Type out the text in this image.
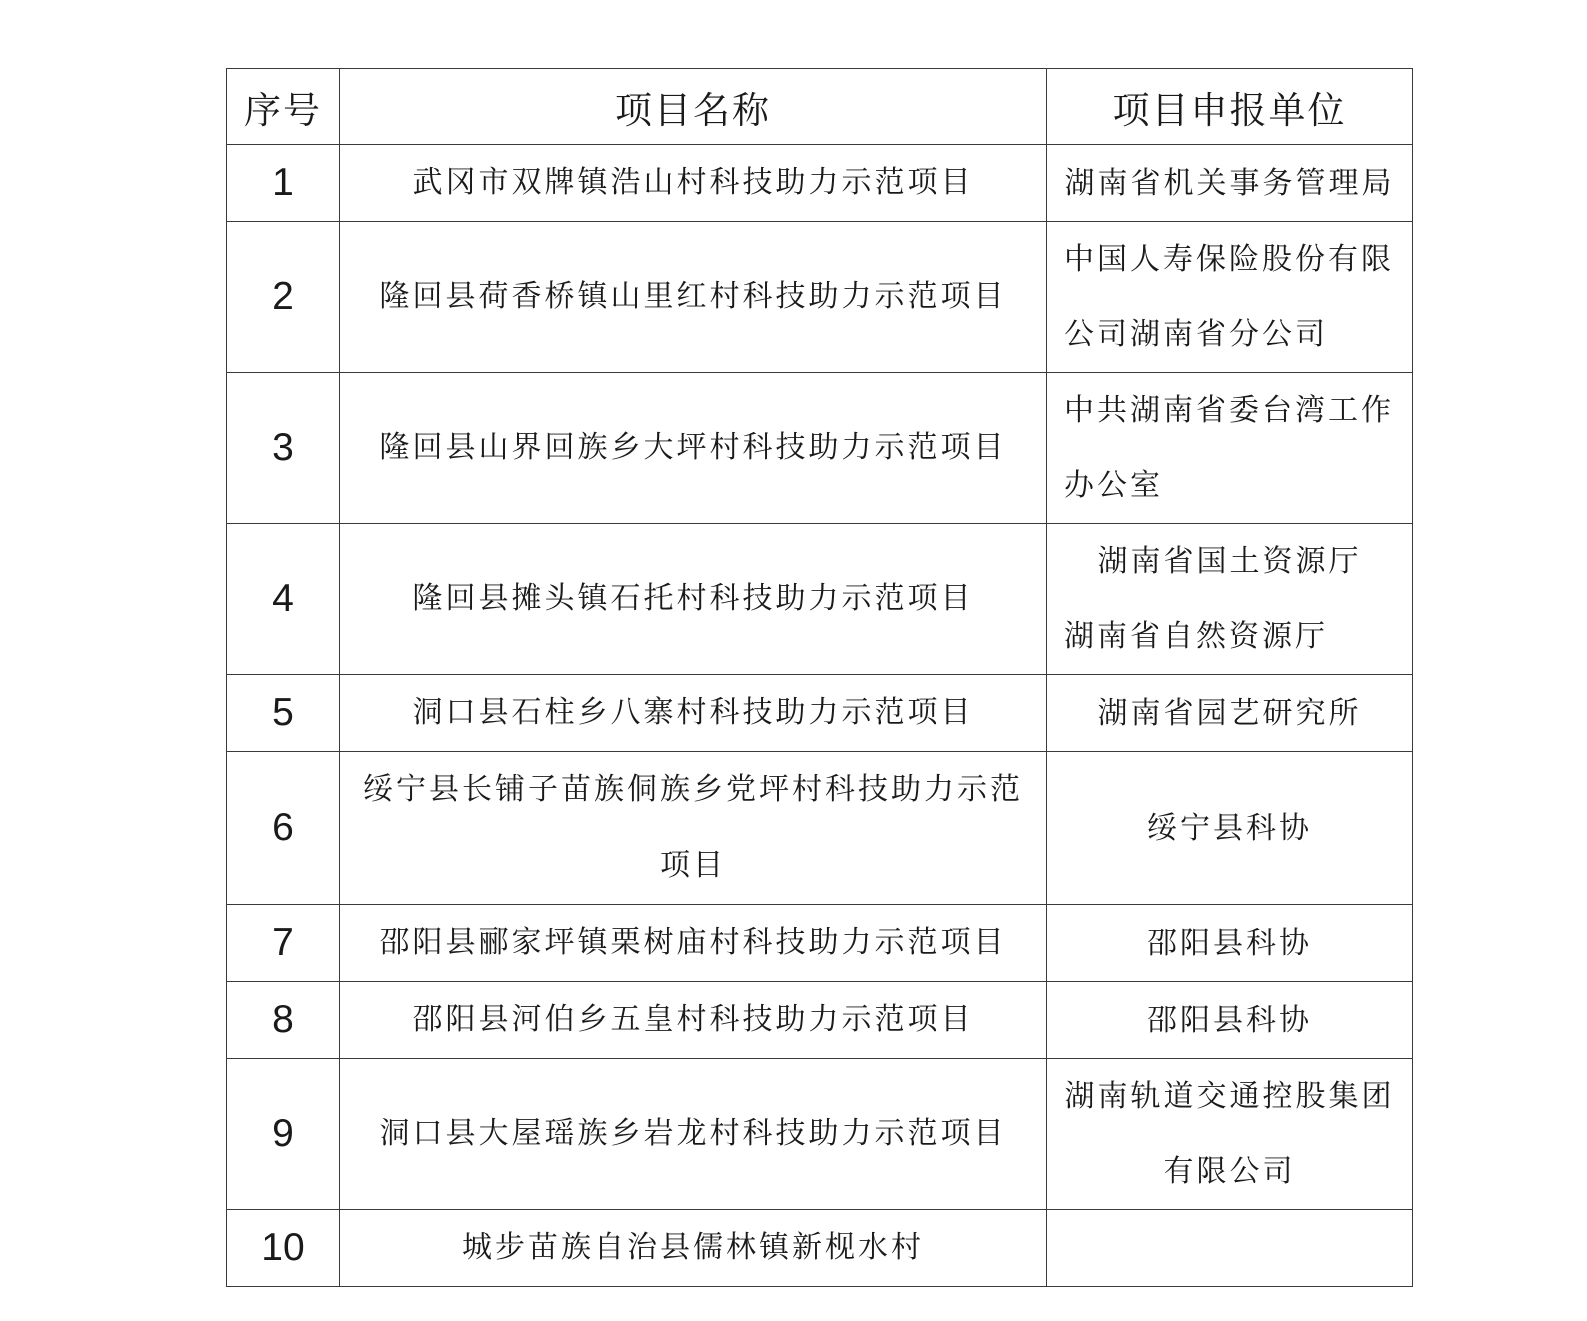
序号	项目名称	项目申报单位
1	武冈市双牌镇浩山村科技助力示范项目	湖南省机关事务管理局

2	隆回县荷香桥镇山里红村科技助力示范项目	中国人寿保险股份有限
公司湖南省分公司

3	隆回县山界回族乡大坪村科技助力示范项目	中共湖南省委台湾工作
办公室

4	隆回县摊头镇石托村科技助力示范项目	湖南省国土资源厅
湖南省自然资源厅

5	洞口县石柱乡八寨村科技助力示范项目	湖南省园艺研究所

6	绥宁县长铺子苗族侗族乡党坪村科技助力示范项目	绥宁县科协

7	邵阳县郦家坪镇栗树庙村科技助力示范项目	邵阳县科协

8	邵阳县河伯乡五皇村科技助力示范项目	邵阳县科协

9	洞口县大屋瑶族乡岩龙村科技助力示范项目	湖南轨道交通控股集团
有限公司

10	城步苗族自治县儒林镇新枧水村	
